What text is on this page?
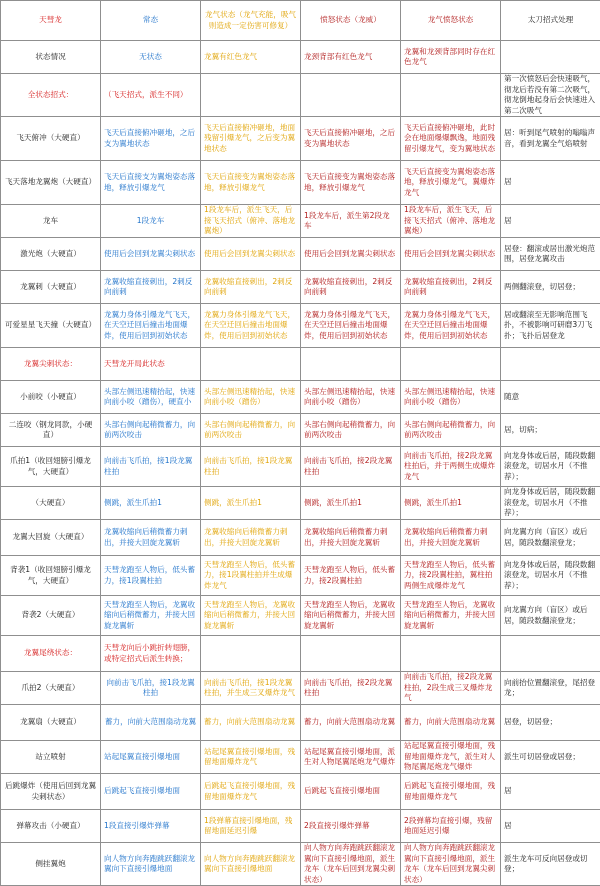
天彗龙	常态	龙气状态（龙气充能，吸气则造成一定伤害可修复）	愤怒状态（龙威）	龙气愤怒状态	太刀招式处理
状态情况	无状态	龙翼有红色龙气	龙颈背部有红色龙气	龙翼和龙颈背部同时存在红色龙气	
全状态招式：	（飞天招式，派生不同）				第一次愤怒后会快速吸气，彻龙后若没有第二次吸气，彻龙倒地起身后会快速进入第二次吸气
飞天俯冲（大硬直）	飞天后直接俯冲砸地，之后支为翼地状态	飞天后直接俯冲砸地，地面残留引爆龙气，之后变为翼地状态	飞天后直接俯冲砸地，之后变为翼地状态	飞天后直接俯冲砸地，此时会在地面爆爆飘逸，地面残留引爆龙气，变为翼地状态	居：听到尾气喷射的嗡嗡声音，看到龙翼全气焰喷射
飞天落地龙翼炮（大硬直）	飞天后直接支为翼炮姿态落地，释放引爆龙气	飞天后直接变为翼炮姿态落地，释放引爆龙气	飞天后直接变为翼炮姿态落地，释放引爆龙气	飞天后直接变为翼炮姿态落地，释放引爆龙气，翼爆炸龙气	居
龙车	1段龙车	1段龙车后，派生飞天，后接飞天招式（俯冲、落地龙翼炮）	1段龙车后，派生第2段龙车	1段龙车后，派生飞天，后接飞天招式（俯冲、落地龙翼炮）	居
激光炮（大硬直）	使用后会回到龙翼尖刺状态	使用后会回到龙翼尖刺状态	使用后会回到龙翼尖刺状态	使用后会回到龙翼尖刺状态	居登：翻滚或居出激光炮范围，居登龙翼攻击
龙翼刺（大硬直）	龙翼收缩直接刺出，2刺反向前刺	龙翼收缩直接刺出，2刺反向前刺	龙翼收缩直接刺出，2刺反向前刺	龙翼收缩直接刺出，2刺反向前刺	两侧翻滚登，切居登；
可爱星星飞天撞（大硬直）	龙翼力身体引爆龙气飞天，在天空迁回后撞击地面爆炸，使用后回到初始状态	龙翼力身体引爆龙气飞天，在天空迁回后撞击地面爆炸，使用后回到初始状态	龙翼力身体引爆龙气飞天，在天空迁回后撞击地面爆炸，使用后回到初始状态	龙翼力身体引爆龙气飞天，在天空迁回后撞击地面爆炸，使用后回到初始状态	居或翻滚至无影响范围飞扑，不被影响可研磨3刀飞扑；飞扑后居登龙
龙翼尖刺状态：	天彗龙开局此状态				
小前咬（小硬直）	头部左侧迅速精抬起，快速向前小咬（蹭伤），硬直小	头部左侧迅速精抬起，快速向前小咬（蹭伤）	头部左侧迅速精抬起，快速向前小咬（蹭伤）	头部左侧迅速精抬起，快速向前小咬（蹭伤）	随意
二连咬（钢龙同款，小硬直）	头部右侧向起稍微蓄力，向前两次咬击	头部右侧向起稍微蓄力，向前两次咬击	头部右侧向起稍微蓄力，向前两次咬击	头部右侧向起稍微蓄力，向前两次咬击	居，切病；
爪拍1（收回翅膀引爆龙气，大硬直）	向前击飞爪拍，接1段龙翼柱拍	向前击飞爪拍，接1段龙翼柱拍	向前击飞爪拍，接2段龙翼柱拍	向前击飞爪拍，接2段龙翼柱拍后，并于两侧生成爆炸龙气	向龙身体或后居，随段数翻滚登龙，切居水月（不推荐）；
（大硬直）	侧跳，派生爪拍1	侧跳，派生爪拍1	侧跳，派生爪拍1	侧跳，派生爪拍1	向龙身体或后居，随段数翻滚登龙，切居水月（不推荐）；
龙翼大回旋（大硬直）	龙翼收缩向后稍微蓄力刺出，并接大回旋龙翼斩	龙翼收缩向后稍微蓄力刺出，并接大回旋龙翼斩	龙翼收缩向后稍微蓄力刺出，并接大回旋龙翼斩	龙翼收缩向后稍微蓄力刺出，并接大回旋龙翼斩	向龙翼方向（盲区）或后居，随段数翻滚登龙；
背袭1（收回翅膀引爆龙气，大硬直）	天彗龙跑至人物后，低头蓄力，接1段翼柱拍	天彗龙跑至人物后，低头蓄力，接1段翼柱拍并生成爆炸龙气	天彗龙跑至人物后，低头蓄力，接2段翼柱拍	天彗龙跑至人物后，低头蓄力，接2段翼柱拍，翼柱拍两侧生成爆炸龙气	向龙身体或后居，随段数翻滚登龙，切居水月（不推荐）；
背袭2（大硬直）	天彗龙跑至人物后，龙翼收缩向后稍微蓄力，并接大回旋龙翼斩	天彗龙跑至人物后，龙翼收缩向后稍微蓄力，并接大回旋龙翼斩	天彗龙跑至人物后，龙翼收缩向后稍微蓄力，并接大回旋龙翼斩	天彗龙跑至人物后，龙翼收缩向后稍微蓄力，并接大回旋龙翼斩	向龙翼方向（盲区）或后居，随段数翻滚登龙；
龙翼尾绕状态：	天彗龙向后小跳折转翅膀，或特定招式后派生转换；				
爪拍2（大硬直）	向前击飞爪拍，接1段龙翼柱拍	向前击飞爪拍，接1段龙翼柱拍，并生成三叉爆炸龙气	向前击飞爪拍，接2段龙翼柱拍	向前击飞爪拍，接2段龙翼柱拍，2段生成三叉爆炸龙气	向前抬位置翻滚登，尾招登龙；
龙翼扇（大硬直）	蓄力，向前大范围扇动龙翼	蓄力，向前大范围扇动龙翼	蓄力，向前大范围扇动龙翼	蓄力，向前大范围扇动龙翼	居登，切居登；
站立喷射	站起尾翼直接引爆地面	站起尾翼直接引爆地面，残留地面爆炸龙气	站起尾翼直接引爆地面，派生对人物尾翼尾炮龙气爆炸	站起尾翼直接引爆地面，残留地面爆炸龙气，派生对人物尾翼尾炮龙气爆炸	派生可切居登或居登；
后跳爆炸（使用后回到龙翼尖刺状态）	后跳起飞直接引爆地面	后跳起飞直接引爆地面，残留地面爆炸龙气	后跳起飞直接引爆地面	后跳起飞直接引爆地面，残留地面爆炸龙气	居
弹幕攻击（小硬直）	1段直接引爆炸弹幕	1段弹幕直接引爆地面，残留地面延迟引爆	2段直接引爆炸弹幕	2段弹幕均直接引爆，残留地面延迟引爆	居
侧挂翼炮	向人物方向奔跑跳跃翻滚龙翼向下直接引爆地面	向人物方向奔跑跳跃翻滚龙翼向下直接引爆地面	向人物方向奔跑跳跃翻滚龙翼向下直接引爆地面，派生龙车（龙车后回到龙翼尖刺状态）	向人物方向奔跑跳跃翻滚龙翼向下直接引爆地面，派生龙车（龙车后回到龙翼尖刺状态）	派生龙车可反向居登或切登；
